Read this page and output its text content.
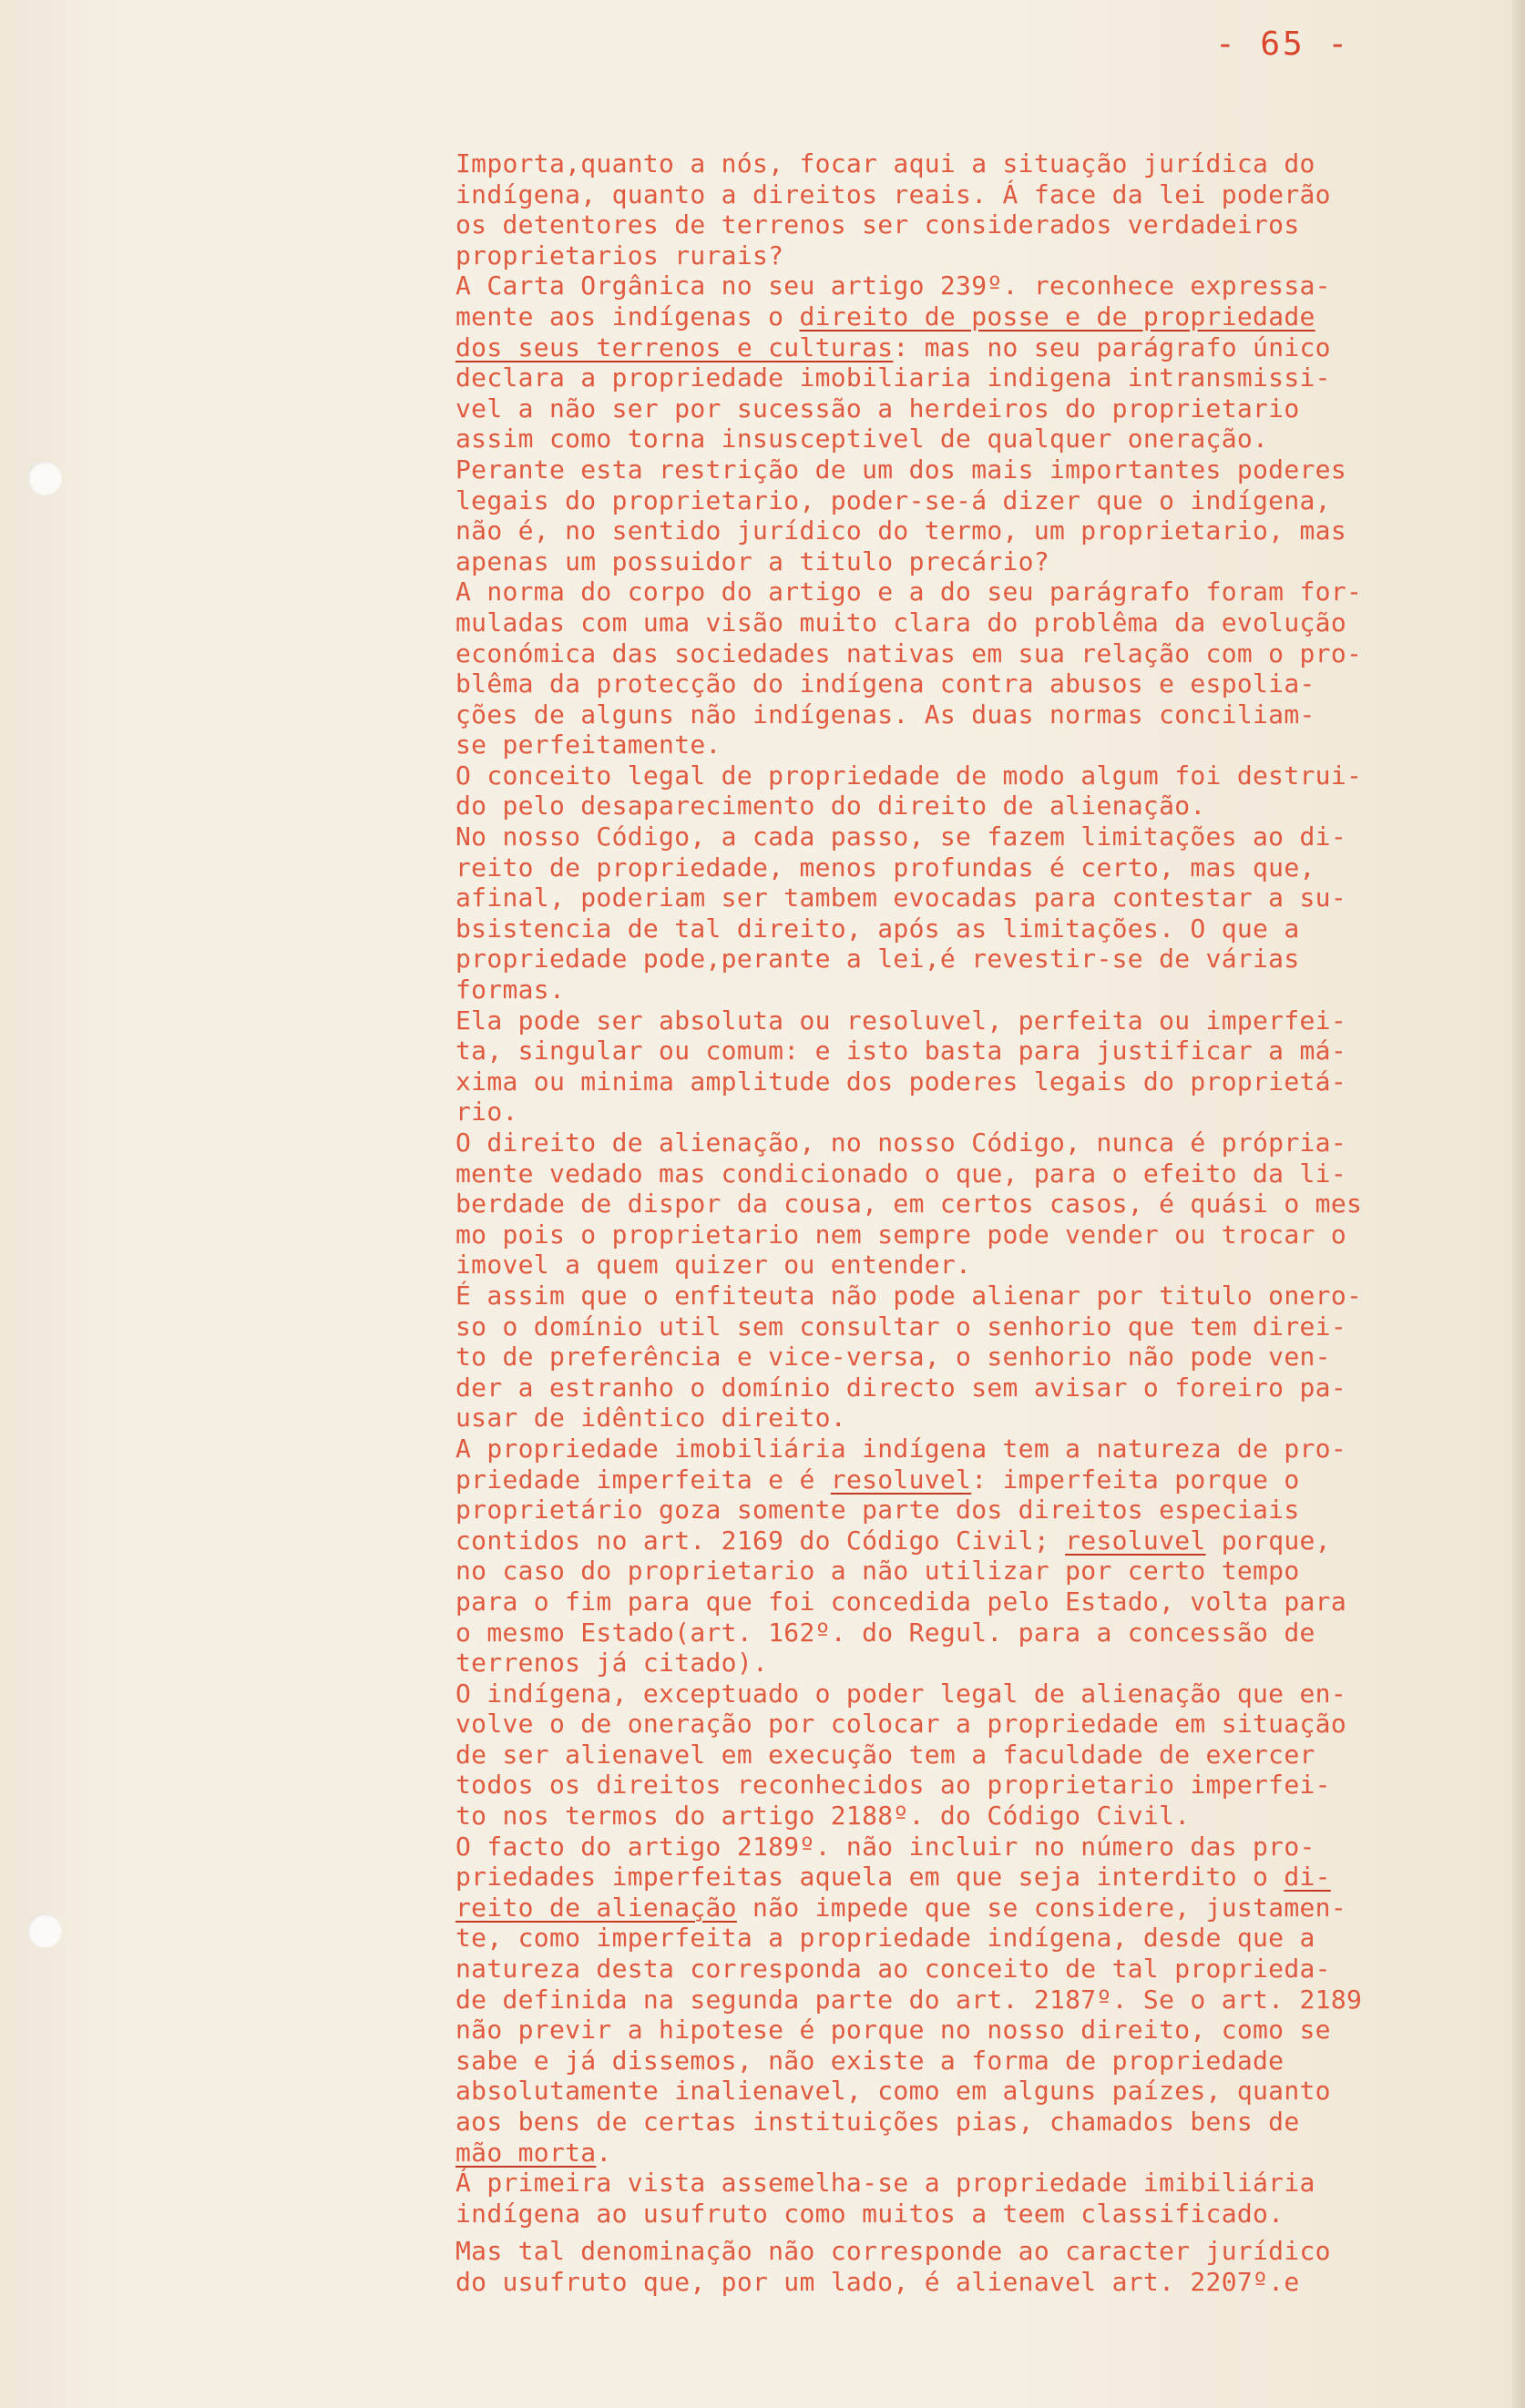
- 65 -
Importa,quanto a nós, focar aqui a situação jurídica do
indígena, quanto a direitos reais. Á face da lei poderão
os detentores de terrenos ser considerados verdadeiros
proprietarios rurais?
A Carta Orgânica no seu artigo 239º. reconhece expressa-
mente aos indígenas o direito de posse e de propriedade
dos seus terrenos e culturas: mas no seu parágrafo único
declara a propriedade imobiliaria indigena intransmissi-
vel a não ser por sucessão a herdeiros do proprietario
assim como torna insusceptivel de qualquer oneração.
Perante esta restrição de um dos mais importantes poderes
legais do proprietario, poder-se-á dizer que o indígena,
não é, no sentido jurídico do termo, um proprietario, mas
apenas um possuidor a titulo precário?
A norma do corpo do artigo e a do seu parágrafo foram for-
muladas com uma visão muito clara do problêma da evolução
económica das sociedades nativas em sua relação com o pro-
blêma da protecção do indígena contra abusos e espolia-
ções de alguns não indígenas. As duas normas conciliam-
se perfeitamente.
O conceito legal de propriedade de modo algum foi destrui-
do pelo desaparecimento do direito de alienação.
No nosso Código, a cada passo, se fazem limitações ao di-
reito de propriedade, menos profundas é certo, mas que,
afinal, poderiam ser tambem evocadas para contestar a su-
bsistencia de tal direito, após as limitações. O que a
propriedade pode,perante a lei,é revestir-se de várias
formas.
Ela pode ser absoluta ou resoluvel, perfeita ou imperfei-
ta, singular ou comum: e isto basta para justificar a má-
xima ou minima amplitude dos poderes legais do proprietá-
rio.
O direito de alienação, no nosso Código, nunca é própria-
mente vedado mas condicionado o que, para o efeito da li-
berdade de dispor da cousa, em certos casos, é quási o mes
mo pois o proprietario nem sempre pode vender ou trocar o
imovel a quem quizer ou entender.
É assim que o enfiteuta não pode alienar por titulo onero-
so o domínio util sem consultar o senhorio que tem direi-
to de preferência e vice-versa, o senhorio não pode ven-
der a estranho o domínio directo sem avisar o foreiro pa-
usar de idêntico direito.
A propriedade imobiliária indígena tem a natureza de pro-
priedade imperfeita e é resoluvel: imperfeita porque o
proprietário goza somente parte dos direitos especiais
contidos no art. 2169 do Código Civil; resoluvel porque,
no caso do proprietario a não utilizar por certo tempo
para o fim para que foi concedida pelo Estado, volta para
o mesmo Estado(art. 162º. do Regul. para a concessão de
terrenos já citado).
O indígena, exceptuado o poder legal de alienação que en-
volve o de oneração por colocar a propriedade em situação
de ser alienavel em execução tem a faculdade de exercer
todos os direitos reconhecidos ao proprietario imperfei-
to nos termos do artigo 2188º. do Código Civil.
O facto do artigo 2189º. não incluir no número das pro-
priedades imperfeitas aquela em que seja interdito o di-
reito de alienação não impede que se considere, justamen-
te, como imperfeita a propriedade indígena, desde que a
natureza desta corresponda ao conceito de tal proprieda-
de definida na segunda parte do art. 2187º. Se o art. 2189
não previr a hipotese é porque no nosso direito, como se
sabe e já dissemos, não existe a forma de propriedade
absolutamente inalienavel, como em alguns paízes, quanto
aos bens de certas instituições pias, chamados bens de
mão morta.
Á primeira vista assemelha-se a propriedade imibiliária
indígena ao usufruto como muitos a teem classificado.
Mas tal denominação não corresponde ao caracter jurídico
do usufruto que, por um lado, é alienavel art. 2207º.e
